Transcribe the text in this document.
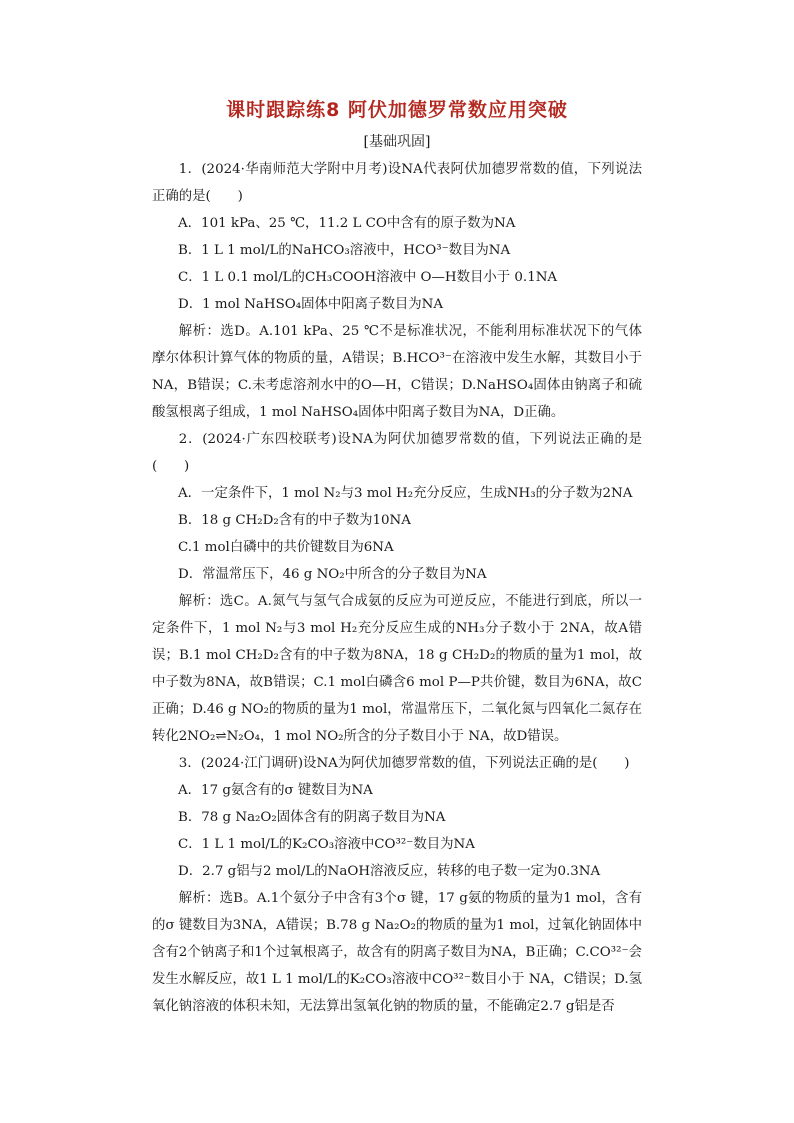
课时跟踪练8 阿伏加德罗常数应用突破
[基础巩固]

1．(2024·华南师范大学附中月考)设NA代表阿伏加德罗常数的值，下列说法正确的是(　　)

A．101 kPa、25 ℃，11.2 L CO中含有的原子数为NA

B．1 L 1 mol/L的NaHCO₃溶液中，HCO³⁻数目为NA

C．1 L 0.1 mol/L的CH₃COOH溶液中 O—H数目小于 0.1NA

D．1 mol NaHSO₄固体中阳离子数目为NA

解析：选D。A.101 kPa、25 ℃不是标准状况，不能利用标准状况下的气体摩尔体积计算气体的物质的量，A错误；B.HCO³⁻在溶液中发生水解，其数目小于NA，B错误；C.未考虑溶剂水中的O—H，C错误；D.NaHSO₄固体由钠离子和硫酸氢根离子组成，1 mol NaHSO₄固体中阳离子数目为NA，D正确。

2．(2024·广东四校联考)设NA为阿伏加德罗常数的值，下列说法正确的是(　　)

A．一定条件下，1 mol N₂与3 mol H₂充分反应，生成NH₃的分子数为2NA

B．18 g CH₂D₂含有的中子数为10NA

C.1 mol白磷中的共价键数目为6NA

D．常温常压下，46 g NO₂中所含的分子数目为NA

解析：选C。A.氮气与氢气合成氨的反应为可逆反应，不能进行到底，所以一定条件下，1 mol N₂与3 mol H₂充分反应生成的NH₃分子数小于 2NA，故A错误；B.1 mol CH₂D₂含有的中子数为8NA，18 g CH₂D₂的物质的量为1 mol，故中子数为8NA，故B错误；C.1 mol白磷含6 mol P—P共价键，数目为6NA，故C正确；D.46 g NO₂的物质的量为1 mol，常温常压下，二氧化氮与四氧化二氮存在转化2NO₂⇌N₂O₄，1 mol NO₂所含的分子数目小于 NA，故D错误。

3．(2024·江门调研)设NA为阿伏加德罗常数的值，下列说法正确的是(　　)

A．17 g氨含有的σ 键数目为NA

B．78 g Na₂O₂固体含有的阴离子数目为NA

C．1 L 1 mol/L的K₂CO₃溶液中CO³²⁻数目为NA

D．2.7 g铝与2 mol/L的NaOH溶液反应，转移的电子数一定为0.3NA

解析：选B。A.1个氨分子中含有3个σ 键，17 g氨的物质的量为1 mol，含有的σ 键数目为3NA，A错误；B.78 g Na₂O₂的物质的量为1 mol，过氧化钠固体中含有2个钠离子和1个过氧根离子，故含有的阴离子数目为NA，B正确；C.CO³²⁻会发生水解反应，故1 L 1 mol/L的K₂CO₃溶液中CO³²⁻数目小于 NA，C错误；D.氢氧化钠溶液的体积未知，无法算出氢氧化钠的物质的量，不能确定2.7 g铝是否
